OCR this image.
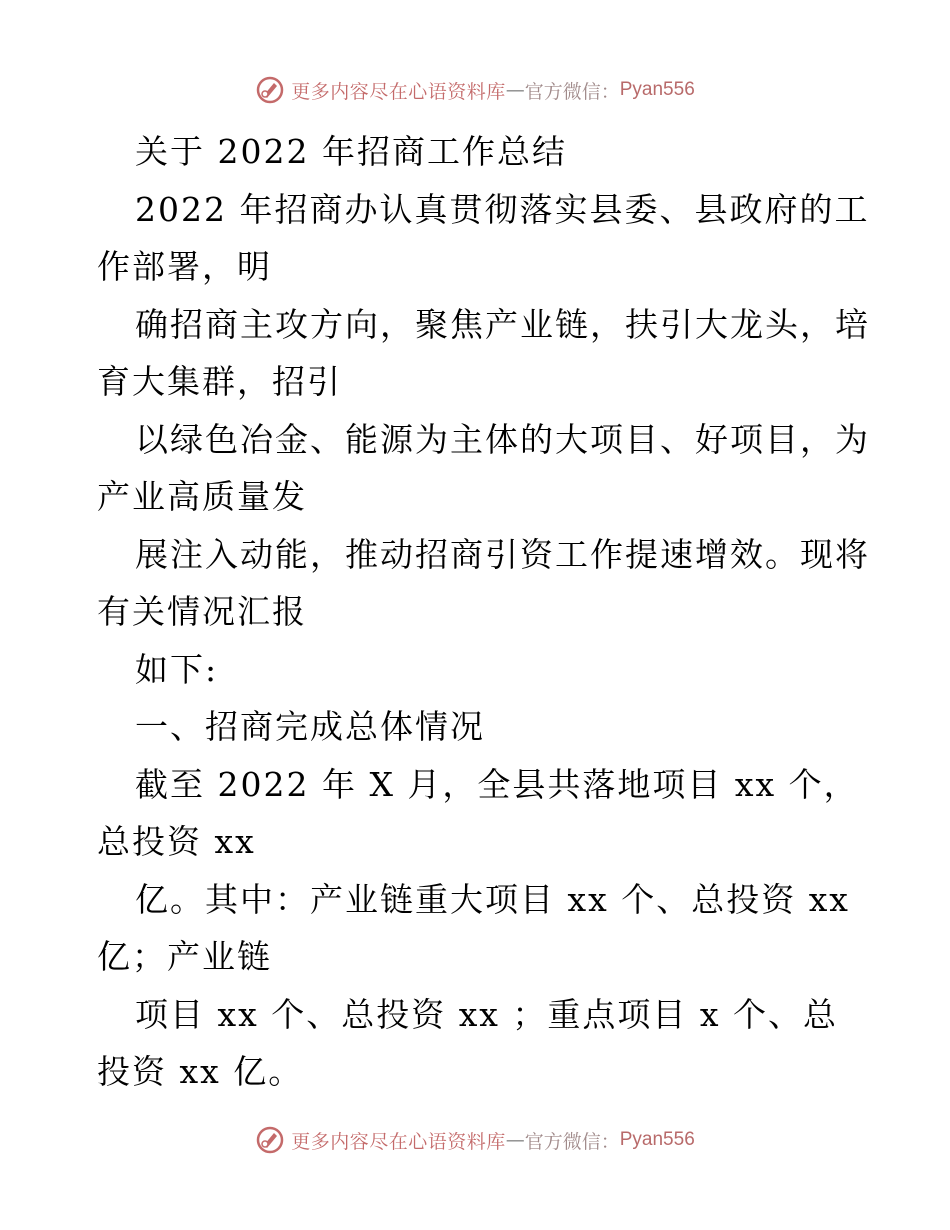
更多内容尽在心语资料库 — 官方微信： Pyan556
关于 2022 年招商工作总结
2022 年招商办认真贯彻落实县委、县政府的工
作部署，明
确招商主攻方向，聚焦产业链，扶引大龙头，培
育大集群，招引
以绿色冶金、能源为主体的大项目、好项目，为
产业高质量发
展注入动能，推动招商引资工作提速增效。现将
有关情况汇报
如下:
一、招商完成总体情况
截至 2022 年 X 月，全县共落地项目 xx 个，
总投资 xx
亿。其中：产业链重大项目 xx 个、总投资 xx
亿；产业链
项目 xx 个、总投资 xx ；重点项目 x 个、总
投资 xx 亿。
更多内容尽在心语资料库 — 官方微信： Pyan556
